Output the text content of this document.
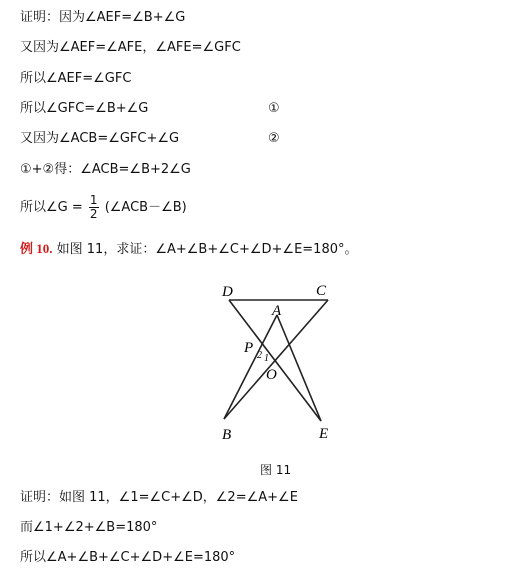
证明：因为∠AEF=∠B+∠G
又因为∠AEF=∠AFE，∠AFE=∠GFC
所以∠AEF=∠GFC
所以∠GFC=∠B+∠G	①
又因为∠ACB=∠GFC+∠G	②
①+②得：∠ACB=∠B+2∠G
所以∠G = $\frac{1}{2}$ (∠ACB－∠B)
例 10. 如图 11，求证：∠A+∠B+∠C+∠D+∠E=180°。
D	C
A
P 2 1
O
B	E
图 11
证明：如图 11，∠1=∠C+∠D，∠2=∠A+∠E
而∠1+∠2+∠B=180°
所以∠A+∠B+∠C+∠D+∠E=180°
